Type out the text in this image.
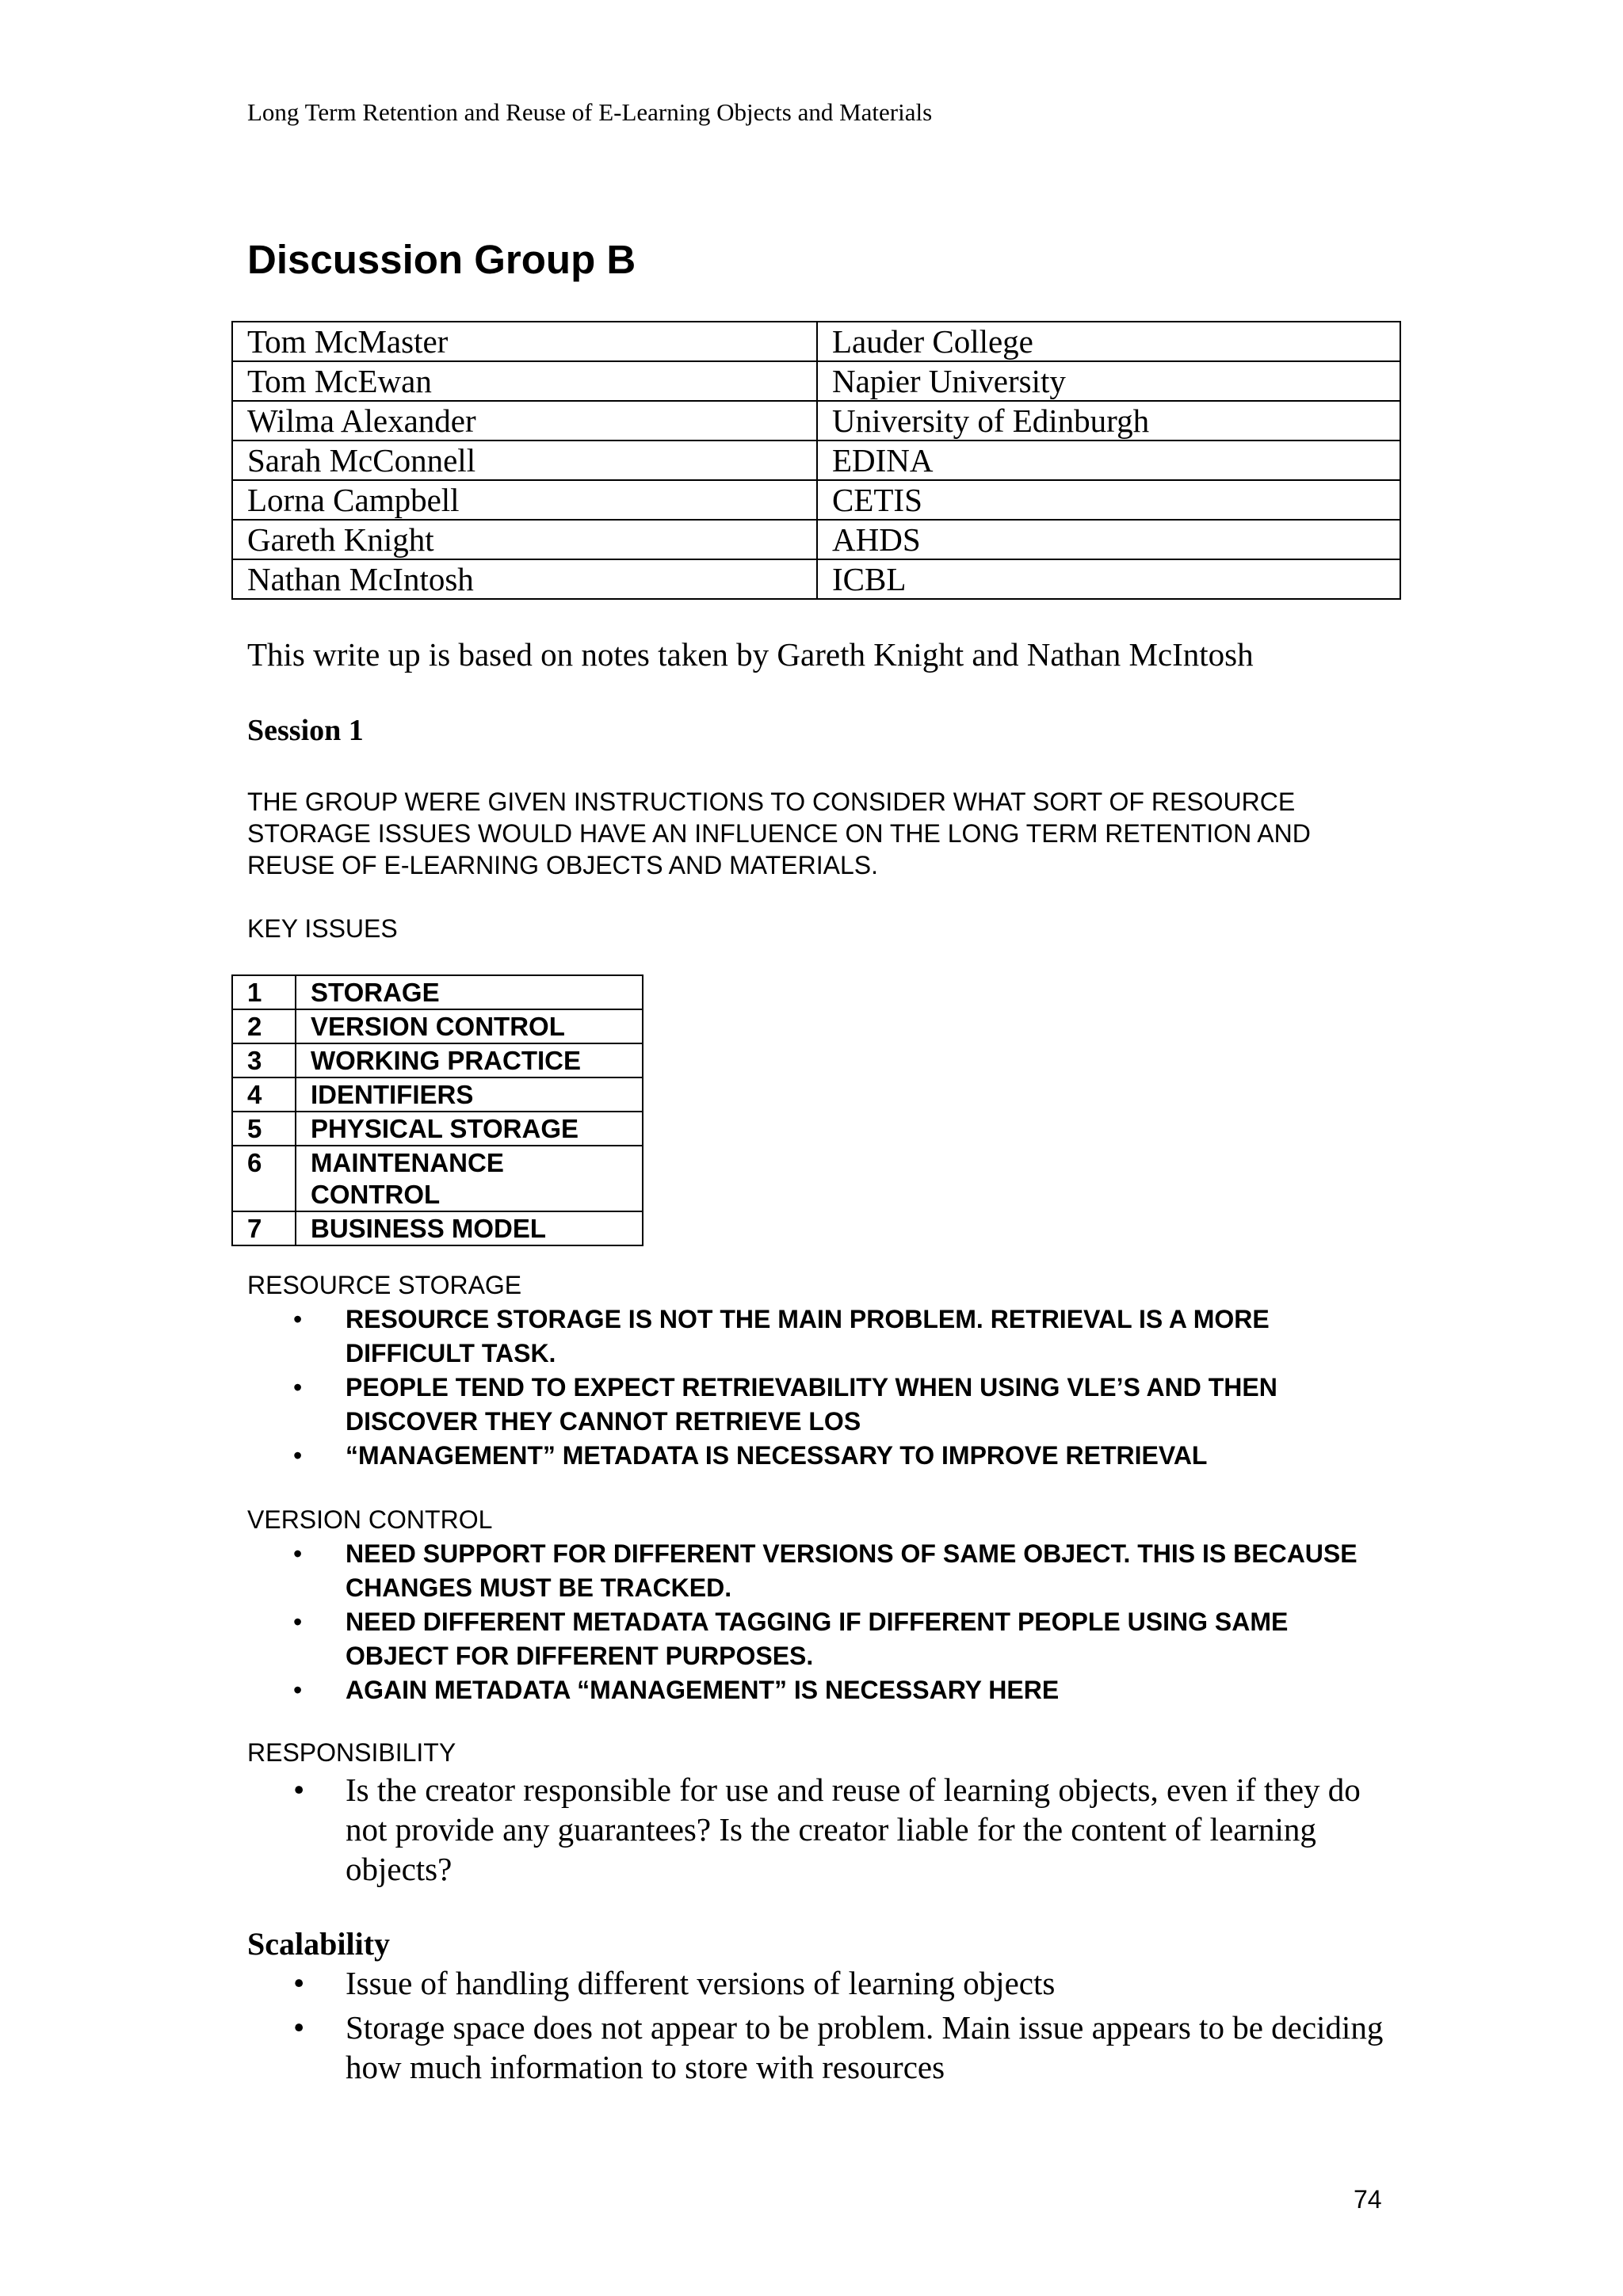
Long Term Retention and Reuse of E-Learning Objects and Materials
Discussion Group B
Tom McMaster	Lauder College
Tom McEwan	Napier University
Wilma Alexander	University of Edinburgh
Sarah McConnell	EDINA
Lorna Campbell	CETIS
Gareth Knight	AHDS
Nathan McIntosh	ICBL
This write up is based on notes taken by Gareth Knight and Nathan McIntosh
Session 1
THE GROUP WERE GIVEN INSTRUCTIONS TO CONSIDER WHAT SORT OF RESOURCE STORAGE ISSUES WOULD HAVE AN INFLUENCE ON THE LONG TERM RETENTION AND REUSE OF E-LEARNING OBJECTS AND MATERIALS.
KEY ISSUES
1	STORAGE
2	VERSION CONTROL
3	WORKING PRACTICE
4	IDENTIFIERS
5	PHYSICAL STORAGE
6	MAINTENANCE CONTROL
7	BUSINESS MODEL
RESOURCE STORAGE
• RESOURCE STORAGE IS NOT THE MAIN PROBLEM. RETRIEVAL IS A MORE DIFFICULT TASK.
• PEOPLE TEND TO EXPECT RETRIEVABILITY WHEN USING VLE’S AND THEN DISCOVER THEY CANNOT RETRIEVE LOS
• “MANAGEMENT” METADATA IS NECESSARY TO IMPROVE RETRIEVAL
VERSION CONTROL
• NEED SUPPORT FOR DIFFERENT VERSIONS OF SAME OBJECT. THIS IS BECAUSE CHANGES MUST BE TRACKED.
• NEED DIFFERENT METADATA TAGGING IF DIFFERENT PEOPLE USING SAME OBJECT FOR DIFFERENT PURPOSES.
• AGAIN METADATA “MANAGEMENT” IS NECESSARY HERE
RESPONSIBILITY
• Is the creator responsible for use and reuse of learning objects, even if they do not provide any guarantees? Is the creator liable for the content of learning objects?
Scalability
• Issue of handling different versions of learning objects
• Storage space does not appear to be problem. Main issue appears to be deciding how much information to store with resources
74
